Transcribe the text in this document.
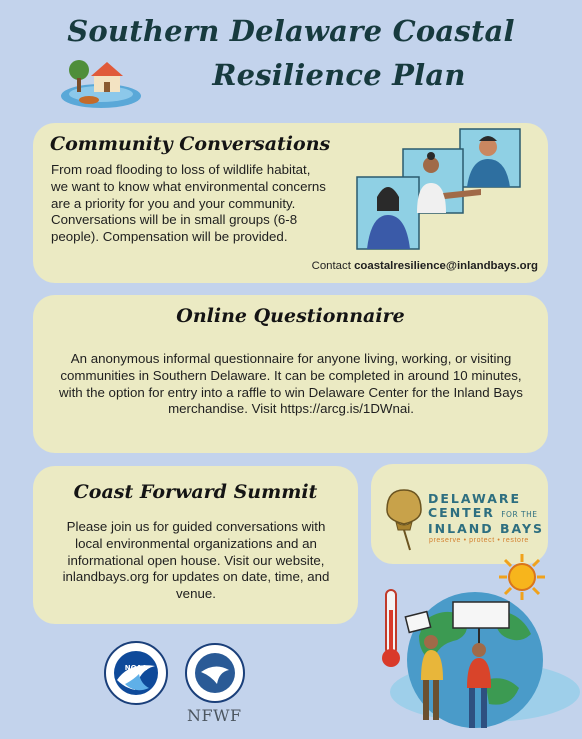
Southern Delaware Coastal
Resilience Plan
Community Conversations
From road flooding to loss of wildlife habitat, we want to know what environmental concerns are a priority for you and your community. Conversations will be in small groups (6-8 people). Compensation will be provided.
Contact coastalresilience@inlandbays.org
Online Questionnaire
An anonymous informal questionnaire for anyone living, working, or visiting communities in Southern Delaware. It can be completed in around 10 minutes, with the option for entry into a raffle to win Delaware Center for the Inland Bays merchandise. Visit https://arcg.is/1DWnai.
Coast Forward Summit
Please join us for guided conversations with local environmental organizations and an informational open house. Visit our website, inlandbays.org for updates on date, time, and venue.
DELAWARE
CENTER FOR THE
INLAND BAYS
preserve • protect • restore
NOAA
NFWF
